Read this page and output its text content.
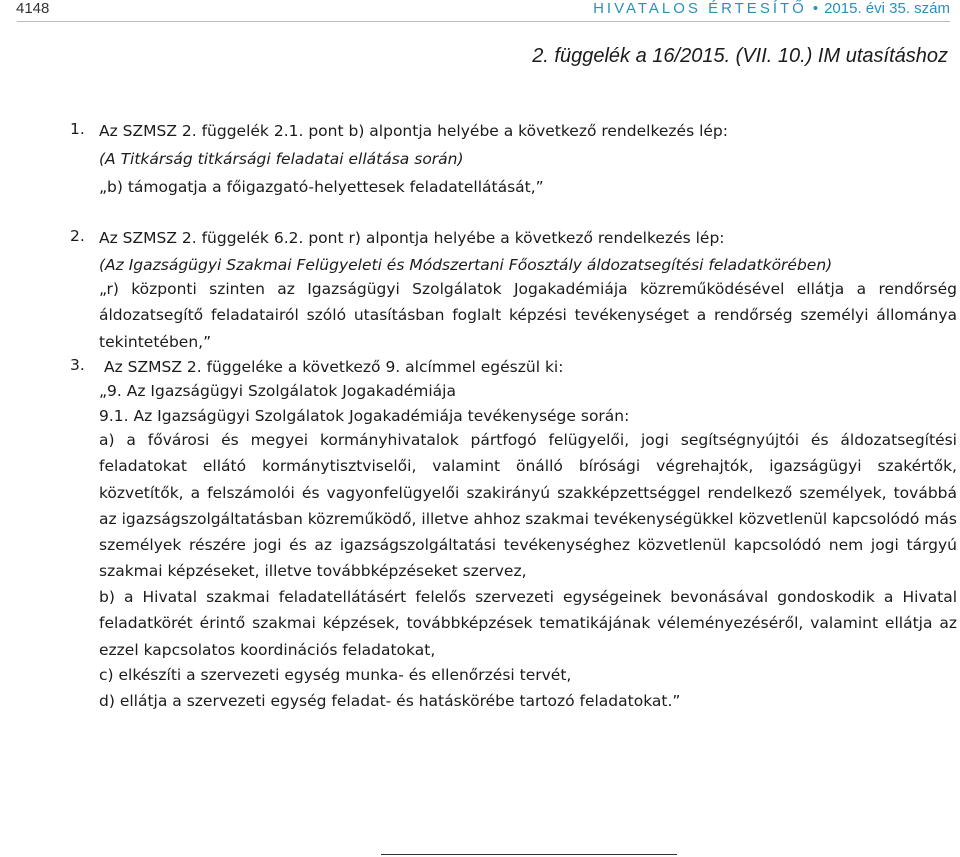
4148	HIVATALOS ÉRTESÍTŐ • 2015. évi 35. szám
2. függelék a 16/2015. (VII. 10.) IM utasításhoz
1. Az SZMSZ 2. függelék 2.1. pont b) alpontja helyébe a következő rendelkezés lép:
(A Titkárság titkársági feladatai ellátása során)
„b) támogatja a főigazgató-helyettesek feladatellátását,”
2. Az SZMSZ 2. függelék 6.2. pont r) alpontja helyébe a következő rendelkezés lép:
(Az Igazságügyi Szakmai Felügyeleti és Módszertani Főosztály áldozatsegítési feladatkörében)
„r) központi szinten az Igazságügyi Szolgálatok Jogakadémiája közreműködésével ellátja a rendőrség áldozatsegítő feladatairól szóló utasításban foglalt képzési tevékenységet a rendőrség személyi állománya tekintetében,”
3. Az SZMSZ 2. függeléke a következő 9. alcímmel egészül ki:
„9. Az Igazságügyi Szolgálatok Jogakadémiája
9.1. Az Igazságügyi Szolgálatok Jogakadémiája tevékenysége során:
a) a fővárosi és megyei kormányhivatalok pártfogó felügyelői, jogi segítségnyújtói és áldozatsegítési feladatokat ellátó kormánytisztviselői, valamint önálló bírósági végrehajtók, igazságügyi szakértők, közvetítők, a felszámolói és vagyonfelügyelői szakirányú szakképzettséggel rendelkező személyek, továbbá az igazságszolgáltatásban közreműködő, illetve ahhoz szakmai tevékenységükkel közvetlenül kapcsolódó más személyek részére jogi és az igazságszolgáltatási tevékenységhez közvetlenül kapcsolódó nem jogi tárgyú szakmai képzéseket, illetve továbbképzéseket szervez,
b) a Hivatal szakmai feladatellátásért felelős szervezeti egységeinek bevonásával gondoskodik a Hivatal feladatkörét érintő szakmai képzések, továbbképzések tematikájának véleményezéséről, valamint ellátja az ezzel kapcsolatos koordinációs feladatokat,
c) elkészíti a szervezeti egység munka- és ellenőrzési tervét,
d) ellátja a szervezeti egység feladat- és hatáskörébe tartozó feladatokat.”
